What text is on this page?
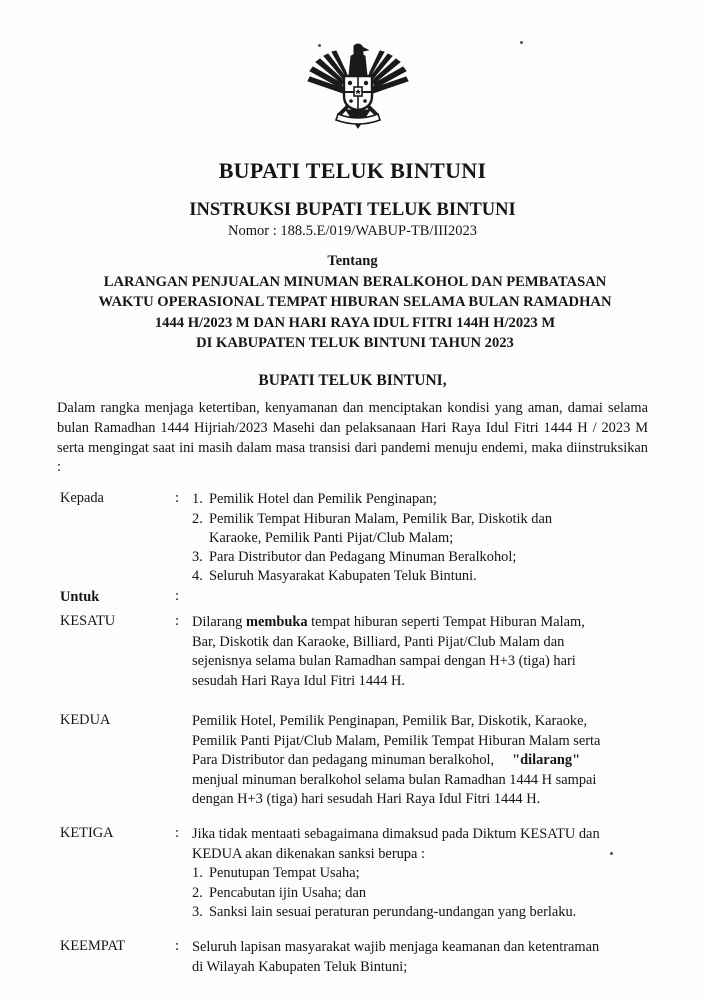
BUPATI TELUK BINTUNI
INSTRUKSI BUPATI TELUK BINTUNI
Nomor : 188.5.E/019/WABUP-TB/III2023
Tentang
LARANGAN PENJUALAN MINUMAN BERALKOHOL DAN PEMBATASAN
WAKTU OPERASIONAL TEMPAT HIBURAN SELAMA BULAN RAMADHAN
1444 H/2023 M DAN HARI RAYA IDUL FITRI 144H H/2023 M
DI KABUPATEN TELUK BINTUNI TAHUN 2023
BUPATI TELUK BINTUNI,
Dalam rangka menjaga ketertiban, kenyamanan dan menciptakan kondisi yang aman, damai selama bulan Ramadhan 1444 Hijriah/2023 Masehi dan pelaksanaan Hari Raya Idul Fitri 1444 H / 2023 M serta mengingat saat ini masih dalam masa transisi dari pandemi menuju endemi, maka diinstruksikan :
Kepada	: 1. Pemilik Hotel dan Pemilik Penginapan;
2. Pemilik Tempat Hiburan Malam, Pemilik Bar, Diskotik dan
Karaoke, Pemilik Panti Pijat/Club Malam;
3. Para Distributor dan Pedagang Minuman Beralkohol;
4. Seluruh Masyarakat Kabupaten Teluk Bintuni.
Untuk	:
KESATU	: Dilarang membuka tempat hiburan seperti Tempat Hiburan Malam,
Bar, Diskotik dan Karaoke, Billiard, Panti Pijat/Club Malam dan
sejenisnya selama bulan Ramadhan sampai dengan H+3 (tiga) hari
sesudah Hari Raya Idul Fitri 1444 H.
KEDUA	Pemilik Hotel, Pemilik Penginapan, Pemilik Bar, Diskotik, Karaoke,
Pemilik Panti Pijat/Club Malam, Pemilik Tempat Hiburan Malam serta
Para Distributor dan pedagang minuman beralkohol,     "dilarang"
menjual minuman beralkohol selama bulan Ramadhan 1444 H sampai
dengan H+3 (tiga) hari sesudah Hari Raya Idul Fitri 1444 H.
KETIGA	: Jika tidak mentaati sebagaimana dimaksud pada Diktum KESATU dan
KEDUA akan dikenakan sanksi berupa :
1. Penutupan Tempat Usaha;
2. Pencabutan ijin Usaha; dan
3. Sanksi lain sesuai peraturan perundang-undangan yang berlaku.
KEEMPAT	: Seluruh lapisan masyarakat wajib menjaga keamanan dan ketentraman
di Wilayah Kabupaten Teluk Bintuni;
